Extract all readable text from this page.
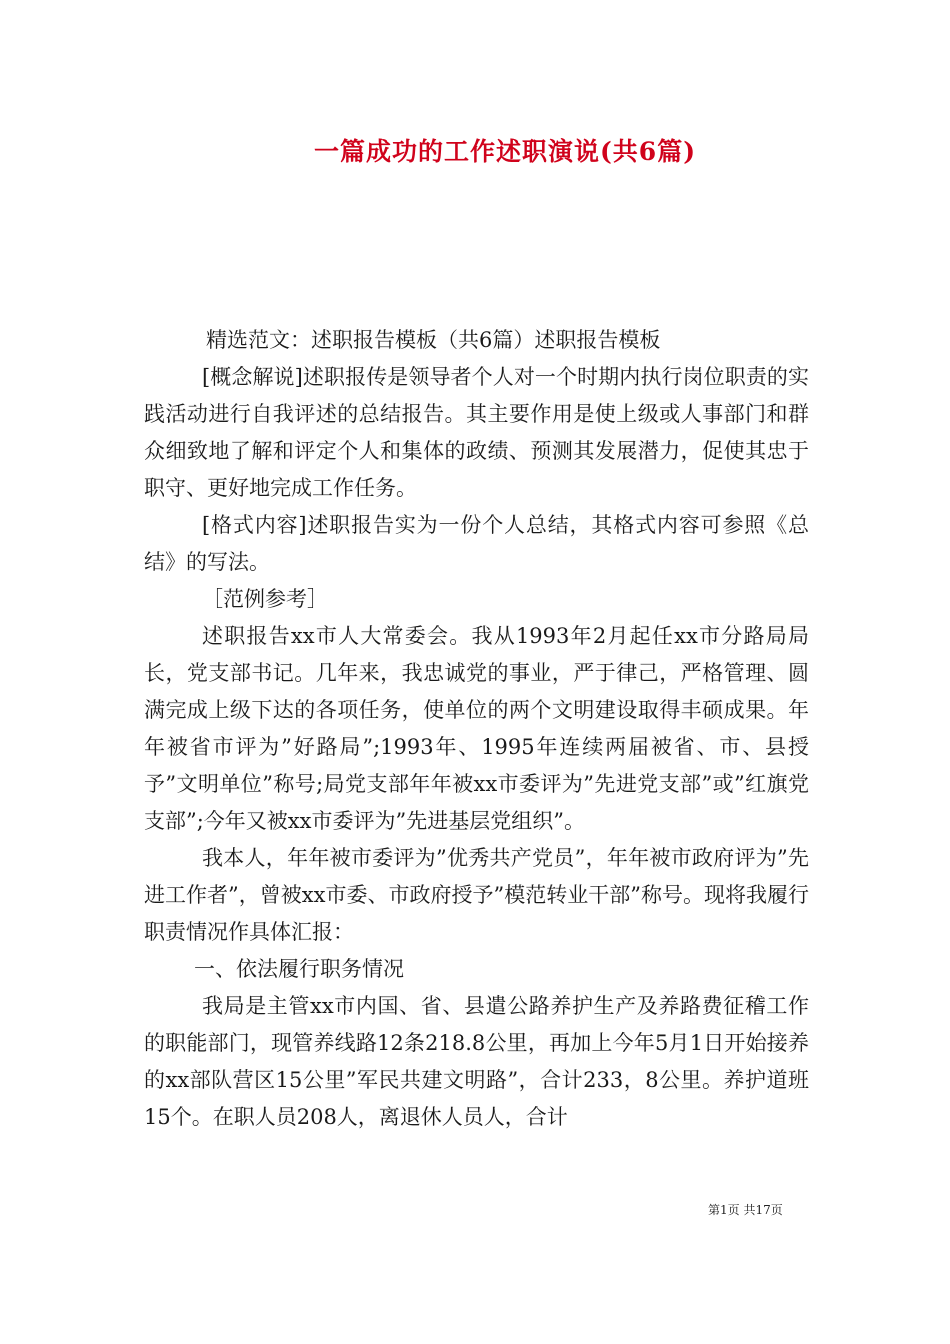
一篇成功的工作述职演说(共6篇)

精选范文：述职报告模板（共6篇）述职报告模板

[概念解说]述职报传是领导者个人对一个时期内执行岗位职责的实践活动进行自我评述的总结报告。其主要作用是使上级或人事部门和群众细致地了解和评定个人和集体的政绩、预测其发展潜力，促使其忠于职守、更好地完成工作任务。

[格式内容]述职报告实为一份个人总结，其格式内容可参照《总结》的写法。

［范例参考］

述职报告xx市人大常委会。我从1993年2月起任xx市分路局局长，党支部书记。几年来，我忠诚党的事业，严于律己，严格管理、圆满完成上级下达的各项任务，使单位的两个文明建设取得丰硕成果。年年被省市评为”好路局”;1993年、1995年连续两届被省、市、县授予”文明单位”称号;局党支部年年被xx市委评为”先进党支部”或”红旗党支部”;今年又被xx市委评为”先进基层党组织”。

我本人，年年被市委评为”优秀共产党员”，年年被市政府评为”先进工作者”，曾被xx市委、市政府授予”模范转业干部”称号。现将我履行职责情况作具体汇报：

一、依法履行职务情况

我局是主管xx市内国、省、县遣公路养护生产及养路费征稽工作的职能部门，现管养线路12条218.8公里，再加上今年5月1日开始接养的xx部队营区15公里”军民共建文明路”，合计233，8公里。养护道班15个。在职人员208人，离退休人员人，合计

第1页 共17页
